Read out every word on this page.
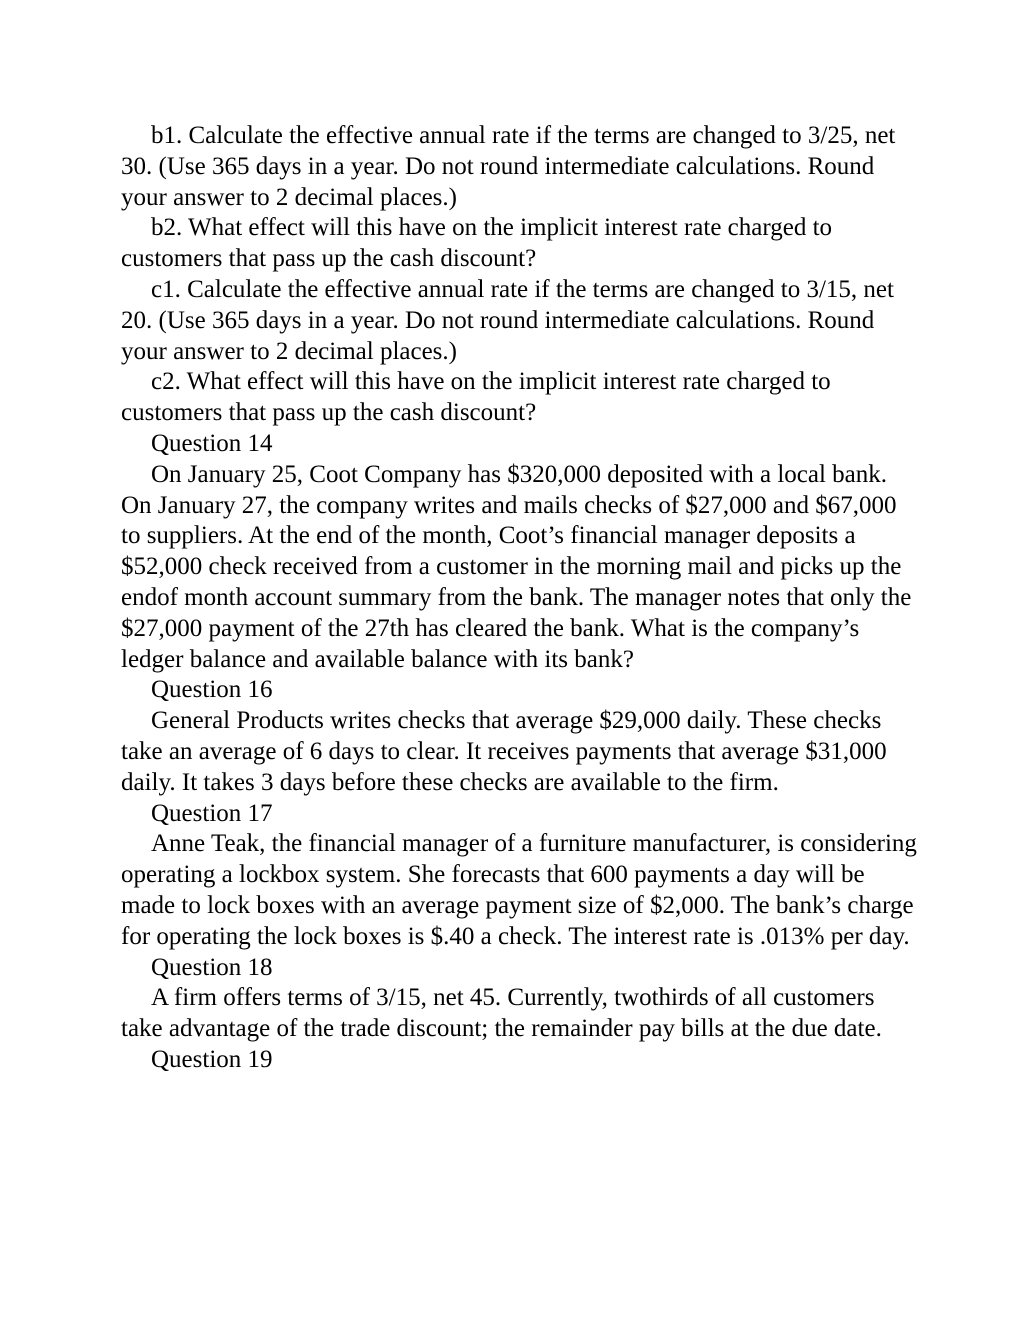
b1. Calculate the effective annual rate if the terms are changed to 3/25, net 30. (Use 365 days in a year. Do not round intermediate calculations. Round your answer to 2 decimal places.)

b2. What effect will this have on the implicit interest rate charged to customers that pass up the cash discount?

c1. Calculate the effective annual rate if the terms are changed to 3/15, net 20. (Use 365 days in a year. Do not round intermediate calculations. Round your answer to 2 decimal places.)

c2. What effect will this have on the implicit interest rate charged to customers that pass up the cash discount?

Question 14

On January 25, Coot Company has $320,000 deposited with a local bank. On January 27, the company writes and mails checks of $27,000 and $67,000 to suppliers. At the end of the month, Coot’s financial manager deposits a $52,000 check received from a customer in the morning mail and picks up the endof month account summary from the bank. The manager notes that only the $27,000 payment of the 27th has cleared the bank. What is the company’s ledger balance and available balance with its bank?

Question 16

General Products writes checks that average $29,000 daily. These checks take an average of 6 days to clear. It receives payments that average $31,000 daily. It takes 3 days before these checks are available to the firm.

Question 17

Anne Teak, the financial manager of a furniture manufacturer, is considering operating a lockbox system. She forecasts that 600 payments a day will be made to lock boxes with an average payment size of $2,000. The bank’s charge for operating the lock boxes is $.40 a check. The interest rate is .013% per day.

Question 18

A firm offers terms of 3/15, net 45. Currently, twothirds of all customers take advantage of the trade discount; the remainder pay bills at the due date.

Question 19
